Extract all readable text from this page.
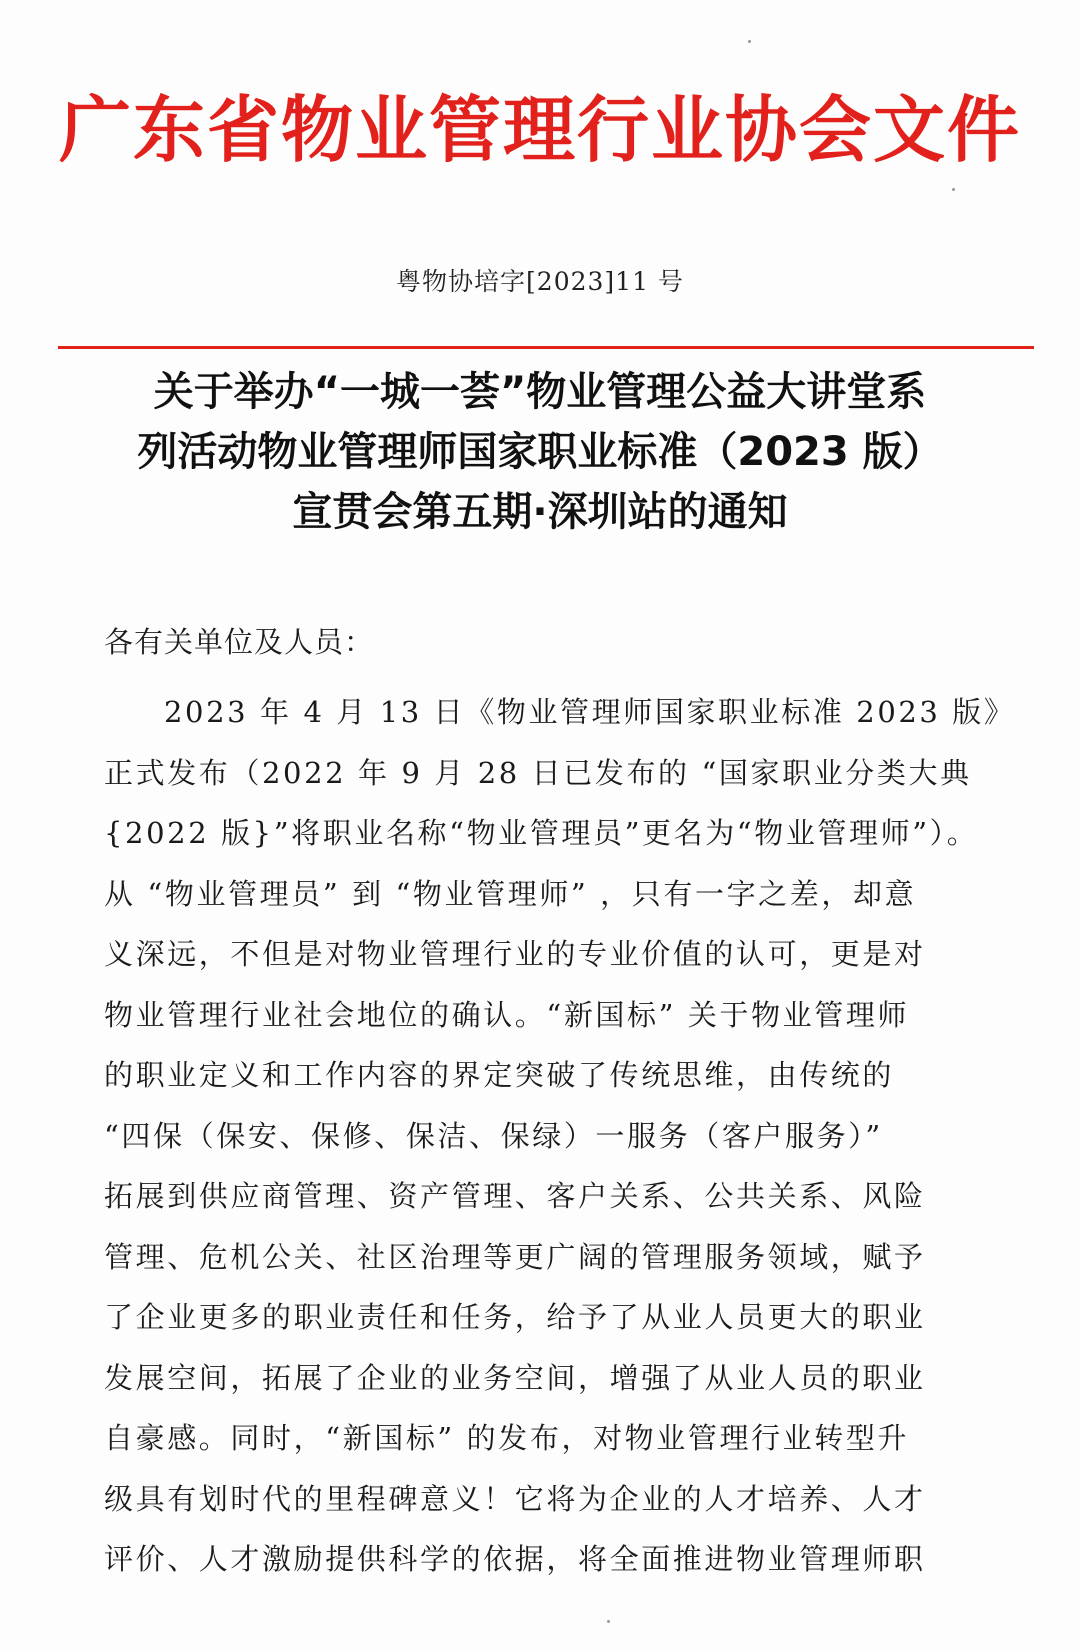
广东省物业管理行业协会文件
粤物协培字[2023]11 号
关于举办“一城一荟”物业管理公益大讲堂系
列活动物业管理师国家职业标准（2023 版）
宣贯会第五期·深圳站的通知
各有关单位及人员：
2023 年 4 月 13 日《物业管理师国家职业标准 2023 版》
正式发布（2022 年 9 月 28 日已发布的 “国家职业分类大典
{2022 版}”将职业名称“物业管理员”更名为“物业管理师”）。
从 “物业管理员” 到 “物业管理师” ，只有一字之差，却意
义深远，不但是对物业管理行业的专业价值的认可，更是对
物业管理行业社会地位的确认。“新国标” 关于物业管理师
的职业定义和工作内容的界定突破了传统思维，由传统的
“四保（保安、保修、保洁、保绿）一服务（客户服务）”
拓展到供应商管理、资产管理、客户关系、公共关系、风险
管理、危机公关、社区治理等更广阔的管理服务领域，赋予
了企业更多的职业责任和任务，给予了从业人员更大的职业
发展空间，拓展了企业的业务空间，增强了从业人员的职业
自豪感。同时，“新国标” 的发布，对物业管理行业转型升
级具有划时代的里程碑意义！它将为企业的人才培养、人才
评价、人才激励提供科学的依据，将全面推进物业管理师职
